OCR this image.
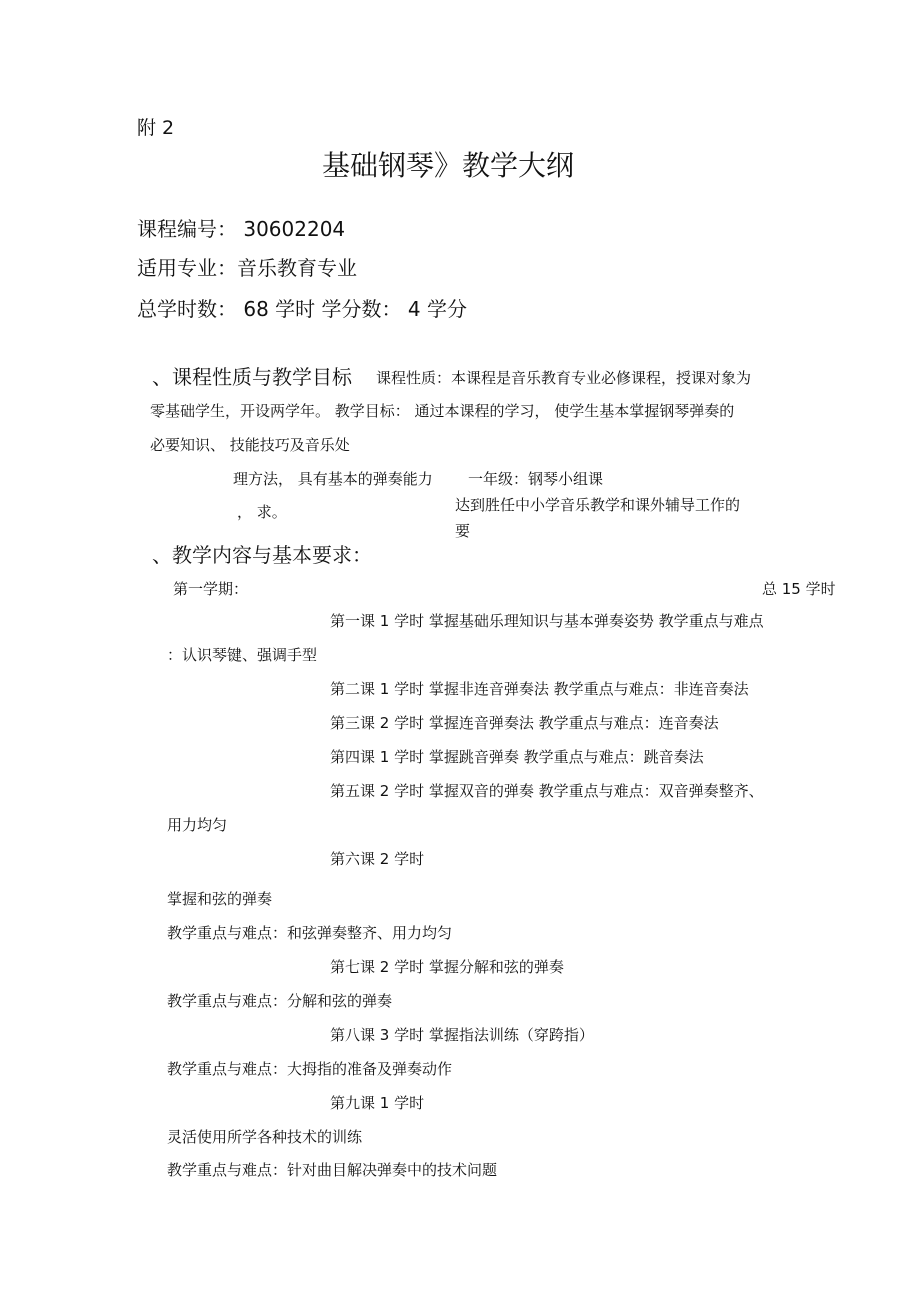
附 2
基础钢琴》教学大纲
课程编号： 30602204
适用专业：音乐教育专业
总学时数： 68 学时 学分数： 4 学分
、课程性质与教学目标 课程性质：本课程是音乐教育专业必修课程，授课对象为
零基础学生，开设两学年。 教学目标： 通过本课程的学习， 使学生基本掌握钢琴弹奏的
必要知识、 技能技巧及音乐处
理方法， 具有基本的弹奏能力 一年级：钢琴小组课
， 求。	达到胜任中小学音乐教学和课外辅导工作的
要
、教学内容与基本要求：
第一学期：	总 15 学时
第一课 1 学时 掌握基础乐理知识与基本弹奏姿势 教学重点与难点
：认识琴键、强调手型
第二课 1 学时 掌握非连音弹奏法 教学重点与难点：非连音奏法
第三课 2 学时 掌握连音弹奏法 教学重点与难点：连音奏法
第四课 1 学时 掌握跳音弹奏 教学重点与难点：跳音奏法
第五课 2 学时 掌握双音的弹奏 教学重点与难点：双音弹奏整齐、
用力均匀
第六课 2 学时
掌握和弦的弹奏
教学重点与难点：和弦弹奏整齐、用力均匀
第七课 2 学时 掌握分解和弦的弹奏
教学重点与难点：分解和弦的弹奏
第八课 3 学时 掌握指法训练（穿跨指）
教学重点与难点：大拇指的准备及弹奏动作
第九课 1 学时
灵活使用所学各种技术的训练
教学重点与难点：针对曲目解决弹奏中的技术问题
